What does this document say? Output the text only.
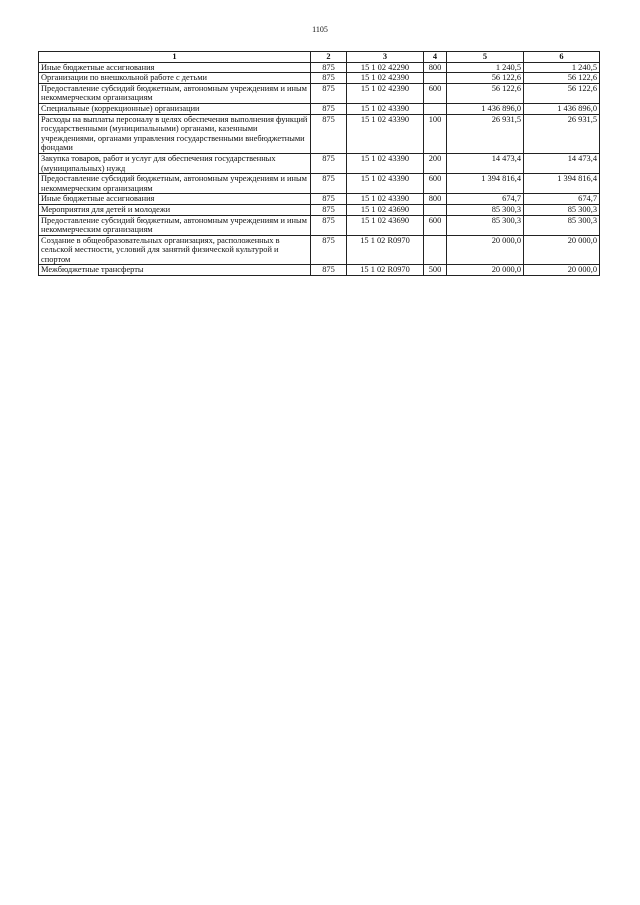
1105
1	2	3	4	5	6
Иные бюджетные ассигнования	875	15 1 02 42290	800	1 240,5	1 240,5
Организации по внешкольной работе с детьми	875	15 1 02 42390		56 122,6	56 122,6
Предоставление субсидий бюджетным, автономным учреждениям и иным некоммерческим организациям	875	15 1 02 42390	600	56 122,6	56 122,6
Специальные (коррекционные) организации	875	15 1 02 43390		1 436 896,0	1 436 896,0
Расходы на выплаты персоналу в целях обеспечения выполнения функций государственными (муниципальными) органами, казенными учреждениями, органами управления государственными внебюджетными фондами	875	15 1 02 43390	100	26 931,5	26 931,5
Закупка товаров, работ и услуг для обеспечения государственных (муниципальных) нужд	875	15 1 02 43390	200	14 473,4	14 473,4
Предоставление субсидий бюджетным, автономным учреждениям и иным некоммерческим организациям	875	15 1 02 43390	600	1 394 816,4	1 394 816,4
Иные бюджетные ассигнования	875	15 1 02 43390	800	674,7	674,7
Мероприятия для детей и молодежи	875	15 1 02 43690		85 300,3	85 300,3
Предоставление субсидий бюджетным, автономным учреждениям и иным некоммерческим организациям	875	15 1 02 43690	600	85 300,3	85 300,3
Создание в общеобразовательных организациях, расположенных в сельской местности, условий для занятий физической культурой и спортом	875	15 1 02 R0970		20 000,0	20 000,0
Межбюджетные трансферты	875	15 1 02 R0970	500	20 000,0	20 000,0
